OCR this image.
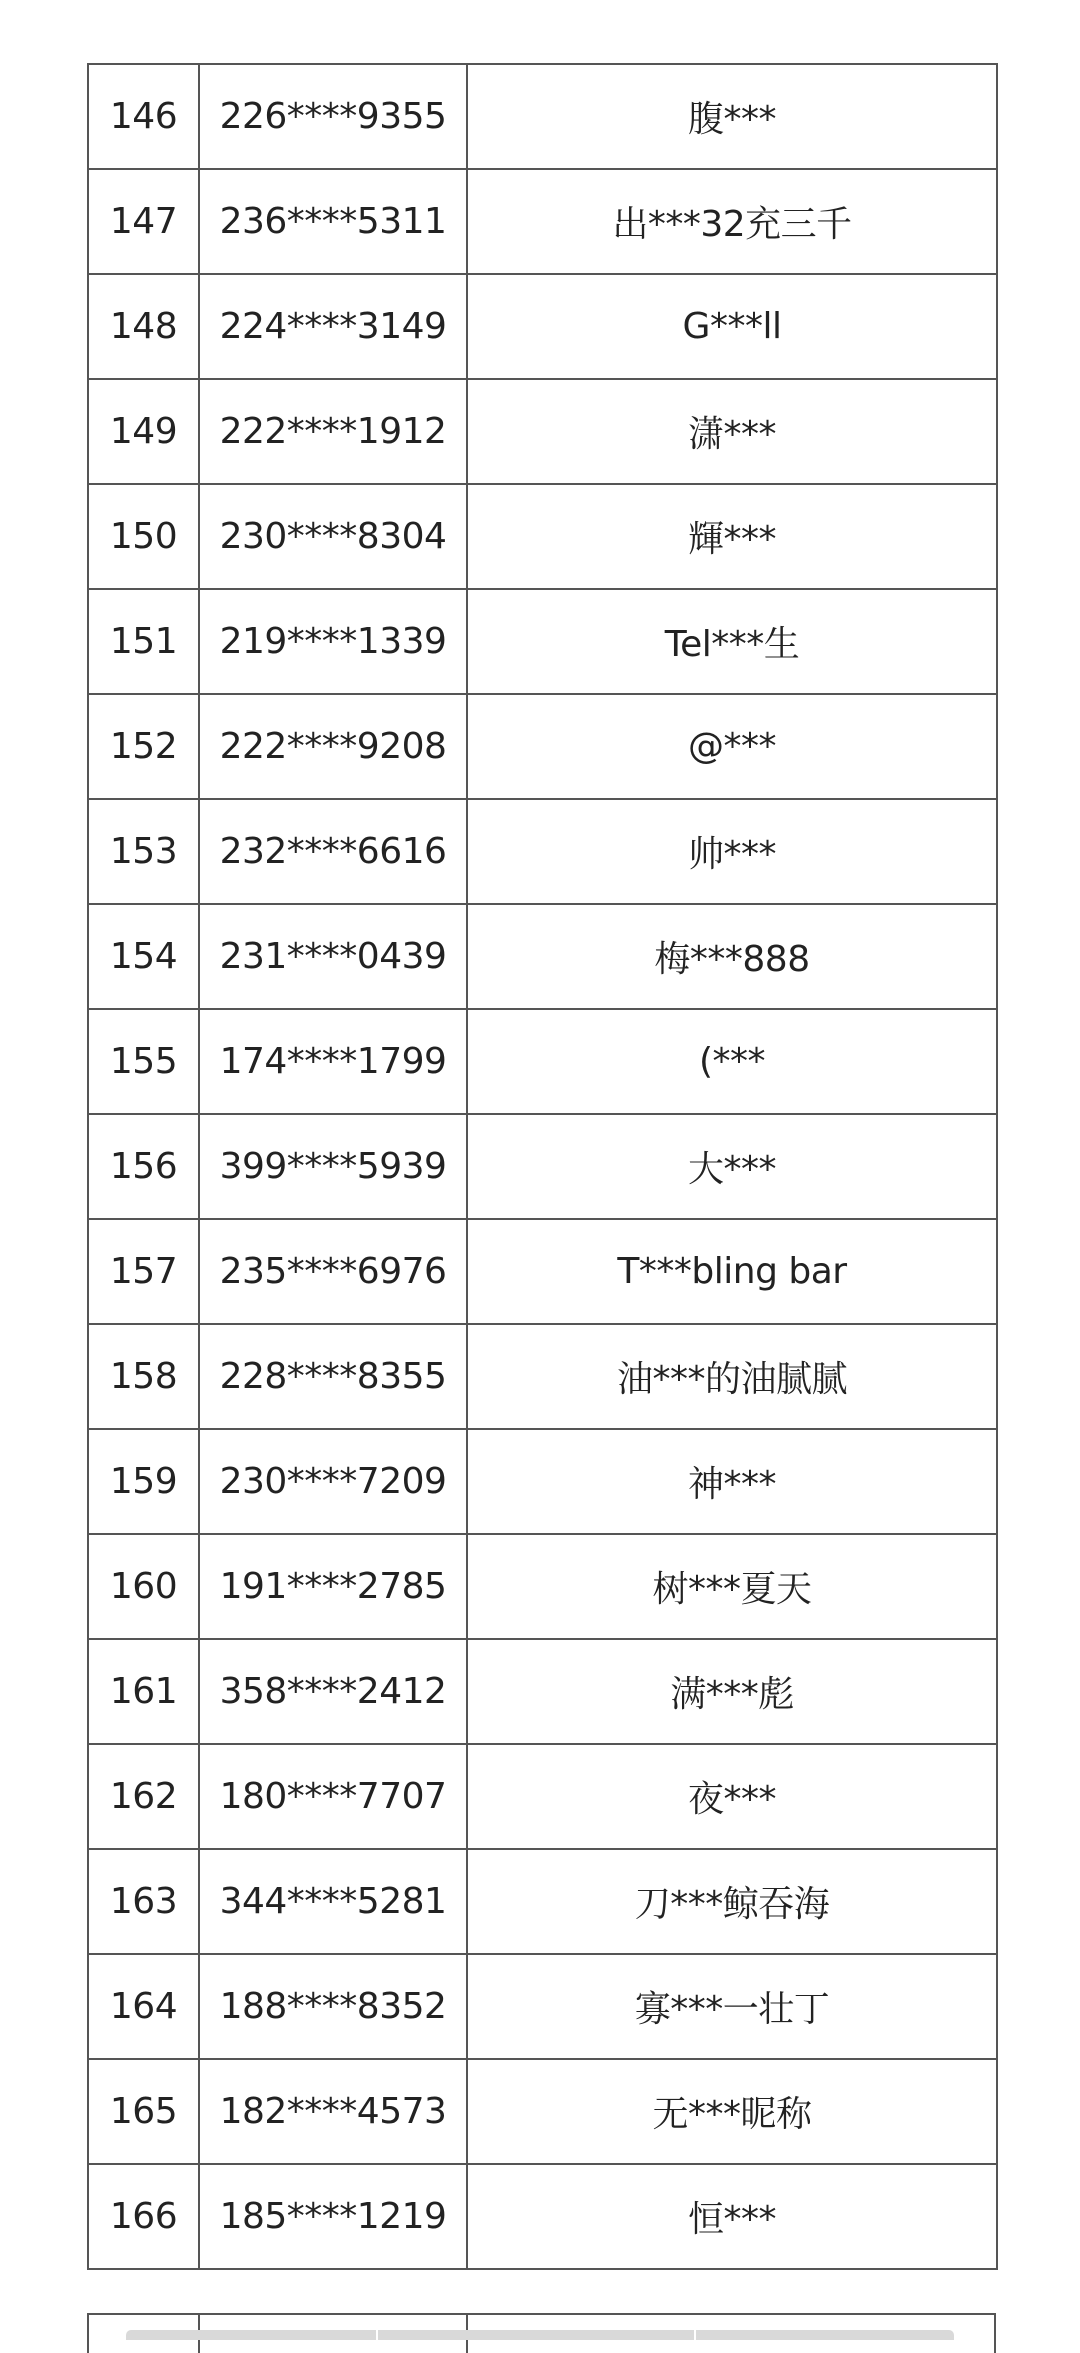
146	226****9355	腹***
147	236****5311	出***32充三千
148	224****3149	G***ll
149	222****1912	潇***
150	230****8304	輝***
151	219****1339	Tel***生
152	222****9208	@***
153	232****6616	帅***
154	231****0439	梅***888
155	174****1799	(***
156	399****5939	大***
157	235****6976	T***bling bar
158	228****8355	油***的油腻腻
159	230****7209	神***
160	191****2785	树***夏天
161	358****2412	满***彪
162	180****7707	夜***
163	344****5281	刀***鲸吞海
164	188****8352	寡***一壮丁
165	182****4573	无***昵称
166	185****1219	恒***
